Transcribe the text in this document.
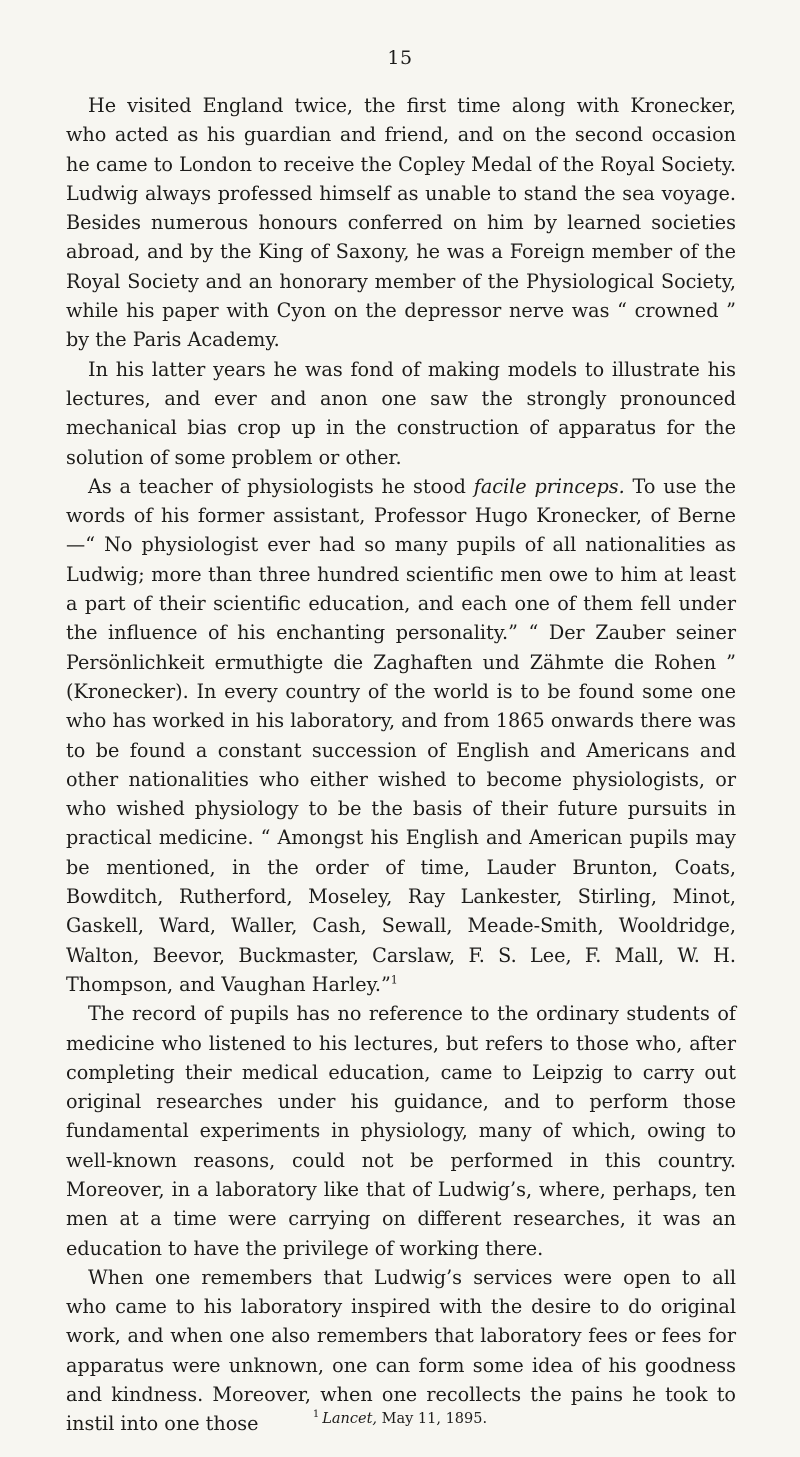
15

He visited England twice, the first time along with Kronecker, who acted as his guardian and friend, and on the second occasion he came to London to receive the Copley Medal of the Royal Society. Ludwig always professed himself as unable to stand the sea voyage. Besides numerous honours conferred on him by learned societies abroad, and by the King of Saxony, he was a Foreign member of the Royal Society and an honorary member of the Physiological Society, while his paper with Cyon on the depressor nerve was “ crowned ” by the Paris Academy.

In his latter years he was fond of making models to illustrate his lectures, and ever and anon one saw the strongly pronounced mechanical bias crop up in the construction of apparatus for the solution of some problem or other.

As a teacher of physiologists he stood facile princeps. To use the words of his former assistant, Professor Hugo Kronecker, of Berne—“ No physiologist ever had so many pupils of all nationalities as Ludwig; more than three hundred scientific men owe to him at least a part of their scientific education, and each one of them fell under the influence of his enchanting personality.” “ Der Zauber seiner Persönlichkeit ermuthigte die Zaghaften und Zähmte die Rohen ” (Kronecker). In every country of the world is to be found some one who has worked in his laboratory, and from 1865 onwards there was to be found a constant succession of English and Americans and other nationalities who either wished to become physiologists, or who wished physiology to be the basis of their future pursuits in practical medicine. “ Amongst his English and American pupils may be mentioned, in the order of time, Lauder Brunton, Coats, Bowditch, Rutherford, Moseley, Ray Lankester, Stirling, Minot, Gaskell, Ward, Waller, Cash, Sewall, Meade-Smith, Wooldridge, Walton, Beevor, Buckmaster, Carslaw, F. S. Lee, F. Mall, W. H. Thompson, and Vaughan Harley.”$^1$

The record of pupils has no reference to the ordinary students of medicine who listened to his lectures, but refers to those who, after completing their medical education, came to Leipzig to carry out original researches under his guidance, and to perform those fundamental experiments in physiology, many of which, owing to well-known reasons, could not be performed in this country. Moreover, in a laboratory like that of Ludwig’s, where, perhaps, ten men at a time were carrying on different researches, it was an education to have the privilege of working there.

When one remembers that Ludwig’s services were open to all who came to his laboratory inspired with the desire to do original work, and when one also remembers that laboratory fees or fees for apparatus were unknown, one can form some idea of his goodness and kindness. Moreover, when one recollects the pains he took to instil into one those	$^1$ Lancet, May 11, 1895.
